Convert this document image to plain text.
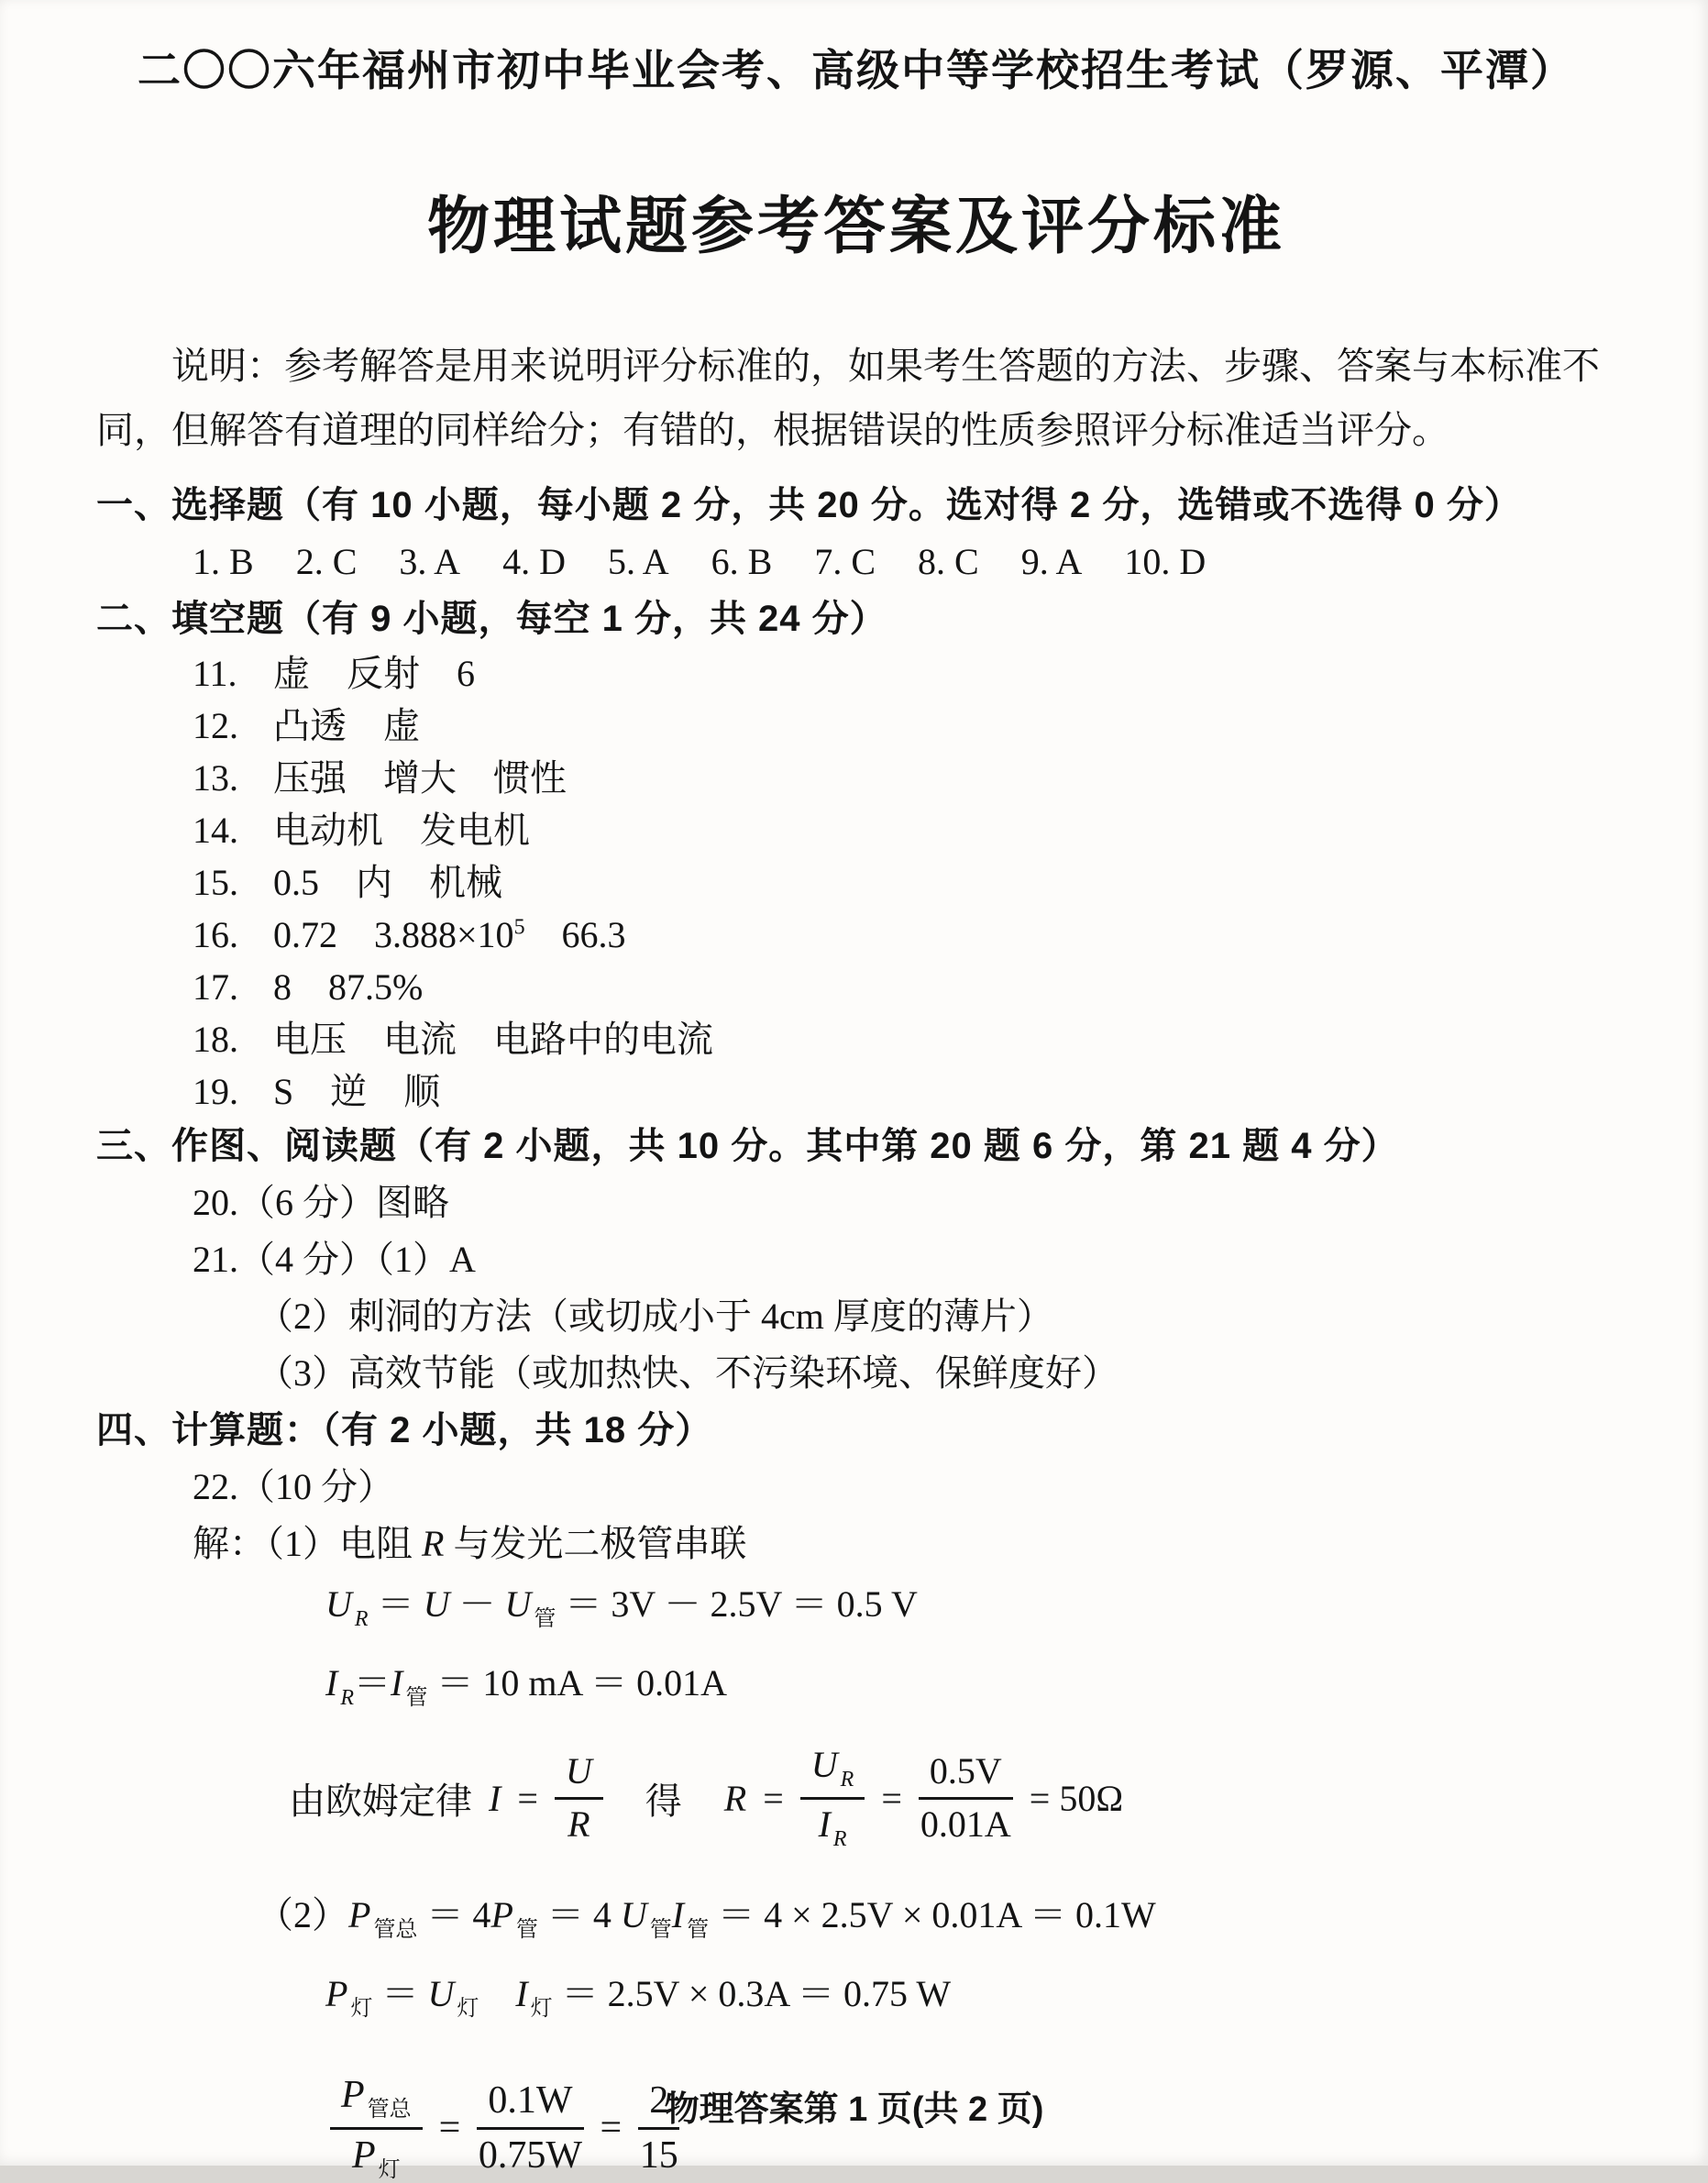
二〇〇六年福州市初中毕业会考、高级中等学校招生考试（罗源、平潭）
物理试题参考答案及评分标准
说明：参考解答是用来说明评分标准的，如果考生答题的方法、步骤、答案与本标准不
同，但解答有道理的同样给分；有错的，根据错误的性质参照评分标准适当评分。
一、选择题（有 10 小题，每小题 2 分，共 20 分。选对得 2 分，选错或不选得 0 分）
1. B 2. C 3. A 4. D 5. A 6. B 7. C 8. C 9. A 10. D
二、填空题（有 9 小题，每空 1 分，共 24 分）
11. 虚　反射　6
12. 凸透　虚
13. 压强　增大　惯性
14. 电动机　发电机
15. 0.5　内　机械
16. 0.72　$3.888\times 10^5$　66.3
17. 8　87.5%
18. 电压　电流　电路中的电流
19. S　逆　顺
三、作图、阅读题（有 2 小题，共 10 分。其中第 20 题 6 分，第 21 题 4 分）
20.（6 分）图略
21.（4 分）（1）A
（2）刺洞的方法（或切成小于 4cm 厚度的薄片）
（3）高效节能（或加热快、不污染环境、保鲜度好）
四、计算题：（有 2 小题，共 18 分）
22.（10 分）
解：（1）电阻 R 与发光二极管串联
U $_R$ ＝ U － U $_管$ ＝ 3V － 2.5V ＝ 0.5 V
I $_R$＝I $_管$ ＝ 10 mA ＝ 0.01A
由欧姆定律 $I = \frac{U}{R}$ 得 $R = \frac{U _R}{I _R} = \frac{0.5V}{0.01A} = 50\Omega$
（2）P $_{管总}$ ＝ 4P $_管$ ＝ 4 U $_管$I $_管$ ＝ 4 × 2.5V × 0.01A ＝ 0.1W
P $_灯$ ＝ U $_灯$　 I $_灯$ ＝ 2.5V × 0.3A ＝ 0.75 W
$\frac{P _{管总}}{P _灯} = \frac{0.1W}{0.75W} = \frac{2}{15}$
物理答案第 1 页(共 2 页)
